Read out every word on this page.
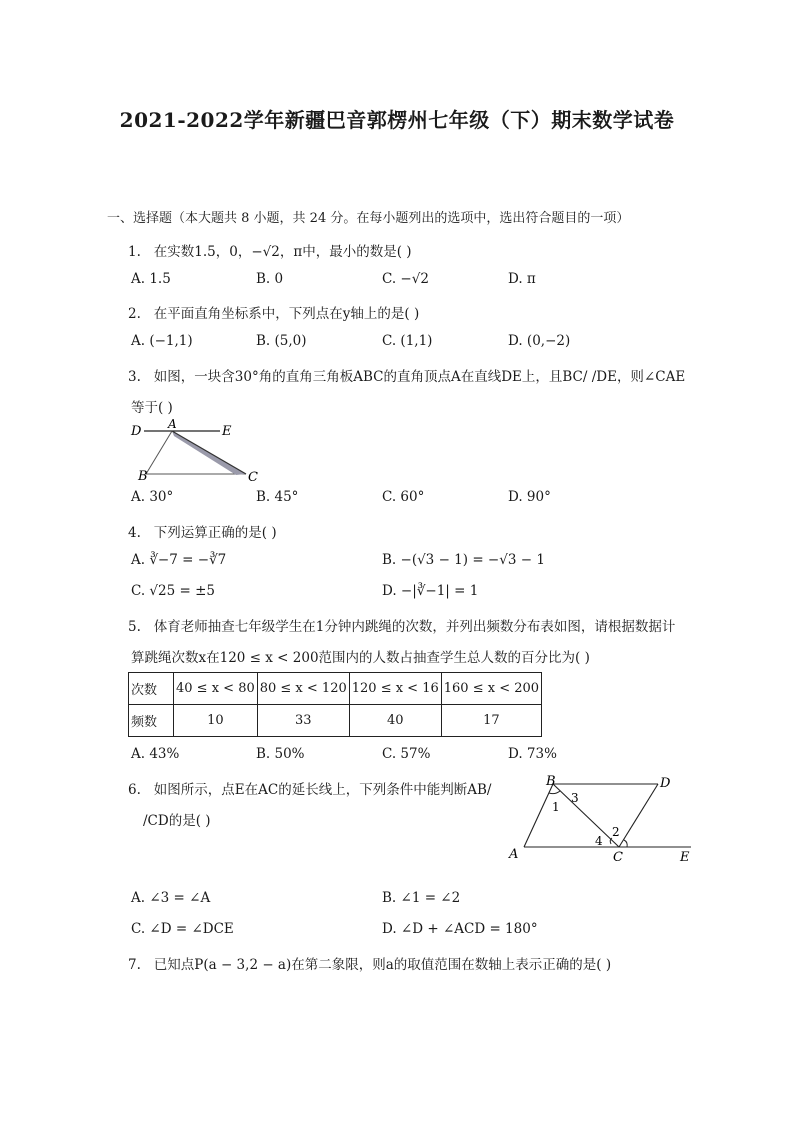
2021-2022学年新疆巴音郭楞州七年级（下）期末数学试卷
一、选择题（本大题共 8 小题，共 24 分。在每小题列出的选项中，选出符合题目的一项）
1. 在实数1.5，0，−√2，π中，最小的数是( )
A. 1.5	B. 0	C. −√2	D. π
2. 在平面直角坐标系中，下列点在y轴上的是( )
A. (−1,1)	B. (5,0)	C. (1,1)	D. (0,−2)
3. 如图，一块含30°角的直角三角板ABC的直角顶点A在直线DE上，且BC/ /DE，则∠CAE
等于( )
D A	E
B	C
A. 30°	B. 45°	C. 60°	D. 90°
4. 下列运算正确的是( )
A. ∛−7 = −∛7	B. −(√3 − 1) = −√3 − 1
C. √25 = ±5	D. −|∛−1| = 1
5. 体育老师抽查七年级学生在1分钟内跳绳的次数，并列出频数分布表如图，请根据数据计
算跳绳次数x在120 ≤ x < 200范围内的人数占抽查学生总人数的百分比为( )
次数	40 ≤ x < 80	80 ≤ x < 120	120 ≤ x < 16	160 ≤ x < 200
频数	10	33	40	17
A. 43%	B. 50%	C. 57%	D. 73%
6. 如图所示，点E在AC的延长线上，下列条件中能判断AB/
/CD的是( )
B	D
A	C	E
1
2
3
4
A. ∠3 = ∠A	B. ∠1 = ∠2
C. ∠D = ∠DCE	D. ∠D + ∠ACD = 180°
7. 已知点P(a − 3,2 − a)在第二象限，则a的取值范围在数轴上表示正确的是( )
